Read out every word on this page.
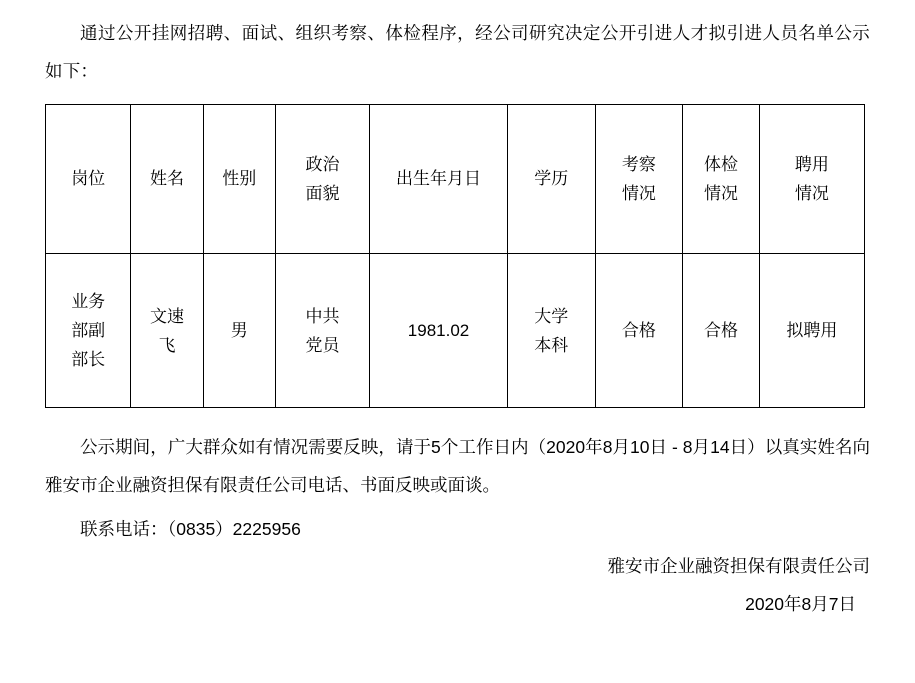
通过公开挂网招聘、面试、组织考察、体检程序，经公司研究决定公开引进人才拟引进人员名单公示如下：

岗位	姓名	性别	政治面貌	出生年月日	学历	考察情况	体检情况	聘用情况

业务部副部长	文速飞	男	中共党员	1981.02	大学本科	合格	合格	拟聘用

公示期间，广大群众如有情况需要反映，请于5个工作日内（2020年8月10日 - 8月14日）以真实姓名向雅安市企业融资担保有限责任公司电话、书面反映或面谈。

联系电话：（0835）2225956

雅安市企业融资担保有限责任公司
2020年8月7日
